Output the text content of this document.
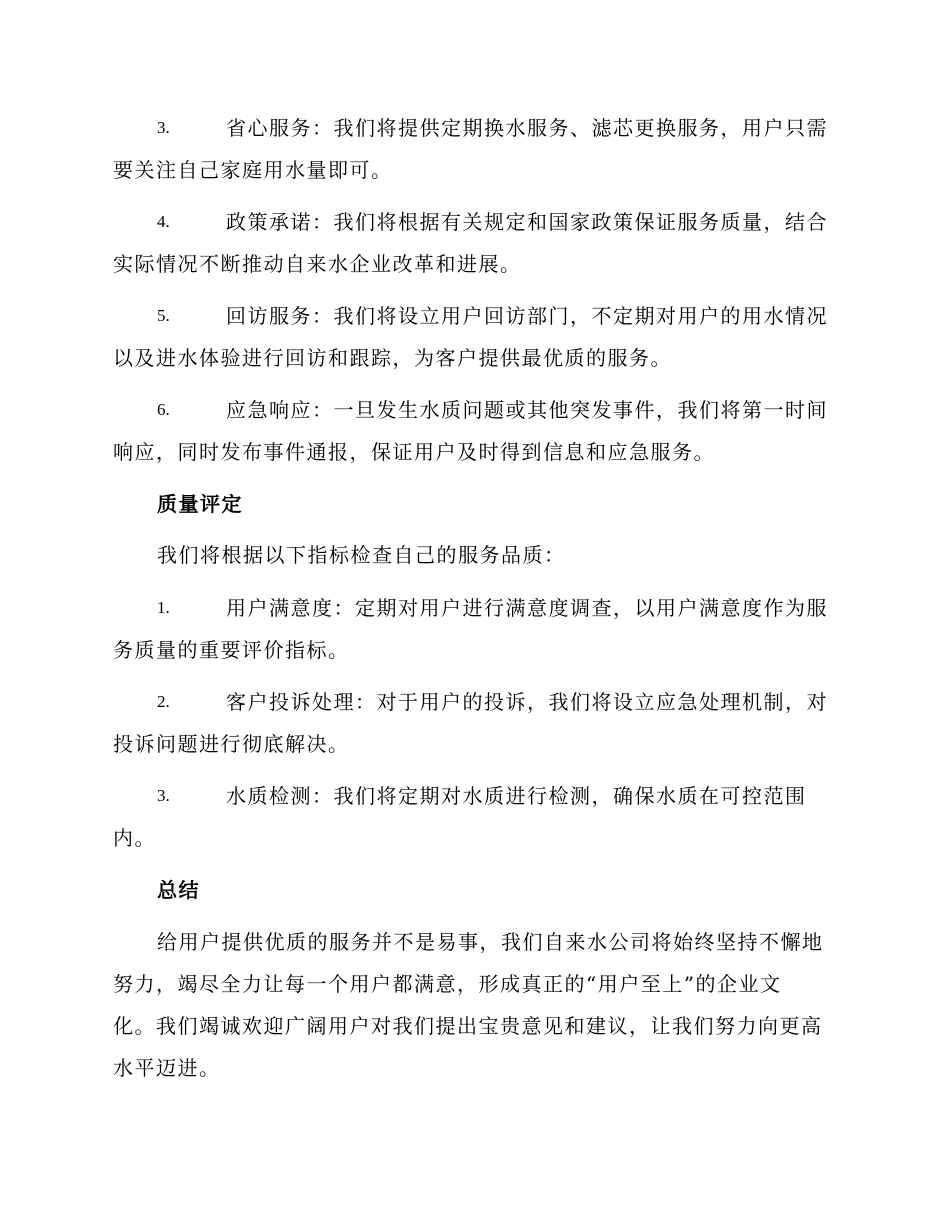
3.	省心服务：我们将提供定期换水服务、滤芯更换服务，用户只需
要关注自己家庭用水量即可。
4.	政策承诺：我们将根据有关规定和国家政策保证服务质量，结合
实际情况不断推动自来水企业改革和进展。
5.	回访服务：我们将设立用户回访部门，不定期对用户的用水情况
以及进水体验进行回访和跟踪，为客户提供最优质的服务。
6.	应急响应：一旦发生水质问题或其他突发事件，我们将第一时间
响应，同时发布事件通报，保证用户及时得到信息和应急服务。
质量评定
我们将根据以下指标检查自己的服务品质：
1.	用户满意度：定期对用户进行满意度调查，以用户满意度作为服
务质量的重要评价指标。
2.	客户投诉处理：对于用户的投诉，我们将设立应急处理机制，对
投诉问题进行彻底解决。
3.	水质检测：我们将定期对水质进行检测，确保水质在可控范围
内。
总结
给用户提供优质的服务并不是易事，我们自来水公司将始终坚持不懈地
努力，竭尽全力让每一个用户都满意，形成真正的“用户至上”的企业文
化。我们竭诚欢迎广阔用户对我们提出宝贵意见和建议，让我们努力向更高
水平迈进。
